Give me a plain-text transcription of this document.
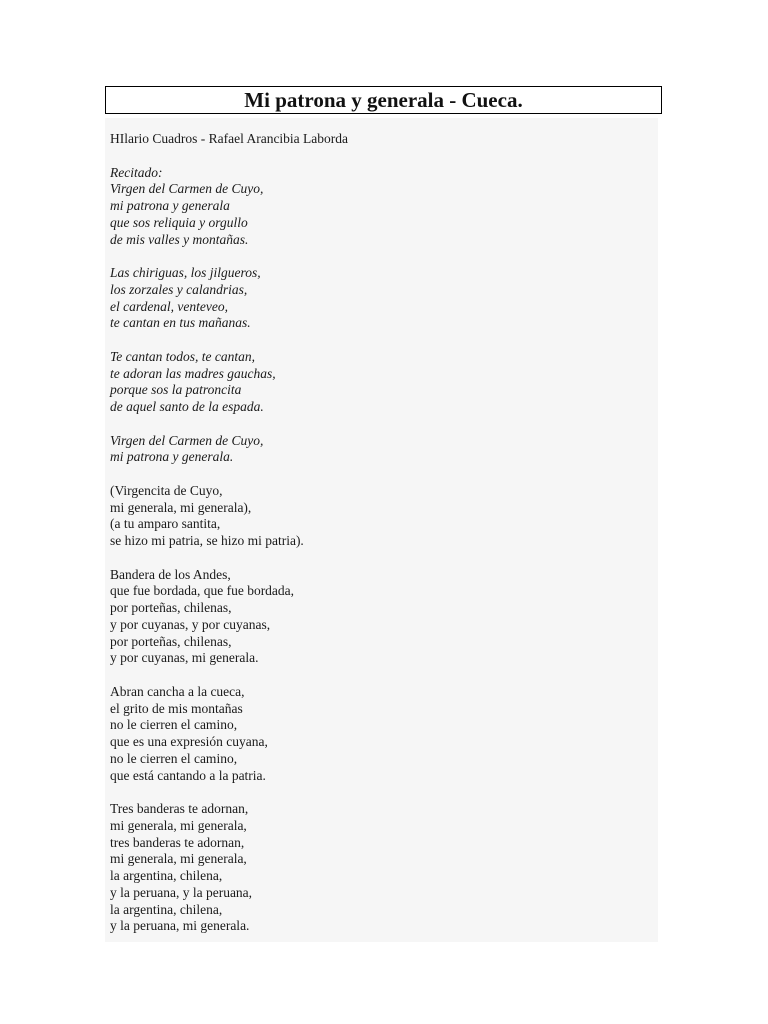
Mi patrona y generala - Cueca.
HIlario Cuadros - Rafael Arancibia Laborda
Recitado:
Virgen del Carmen de Cuyo,
mi patrona y generala
que sos reliquia y orgullo
de mis valles y montañas.
Las chiriguas, los jilgueros,
los zorzales y calandrias,
el cardenal, venteveo,
te cantan en tus mañanas.
Te cantan todos, te cantan,
te adoran las madres gauchas,
porque sos la patroncita
de aquel santo de la espada.
Virgen del Carmen de Cuyo,
mi patrona y generala.
(Virgencita de Cuyo,
mi generala, mi generala),
(a tu amparo santita,
se hizo mi patria, se hizo mi patria).
Bandera de los Andes,
que fue bordada, que fue bordada,
por porteñas, chilenas,
y por cuyanas, y por cuyanas,
por porteñas, chilenas,
y por cuyanas, mi generala.
Abran cancha a la cueca,
el grito de mis montañas
no le cierren el camino,
que es una expresión cuyana,
no le cierren el camino,
que está cantando a la patria.
Tres banderas te adornan,
mi generala, mi generala,
tres banderas te adornan,
mi generala, mi generala,
la argentina, chilena,
y la peruana, y la peruana,
la argentina, chilena,
y la peruana, mi generala.
